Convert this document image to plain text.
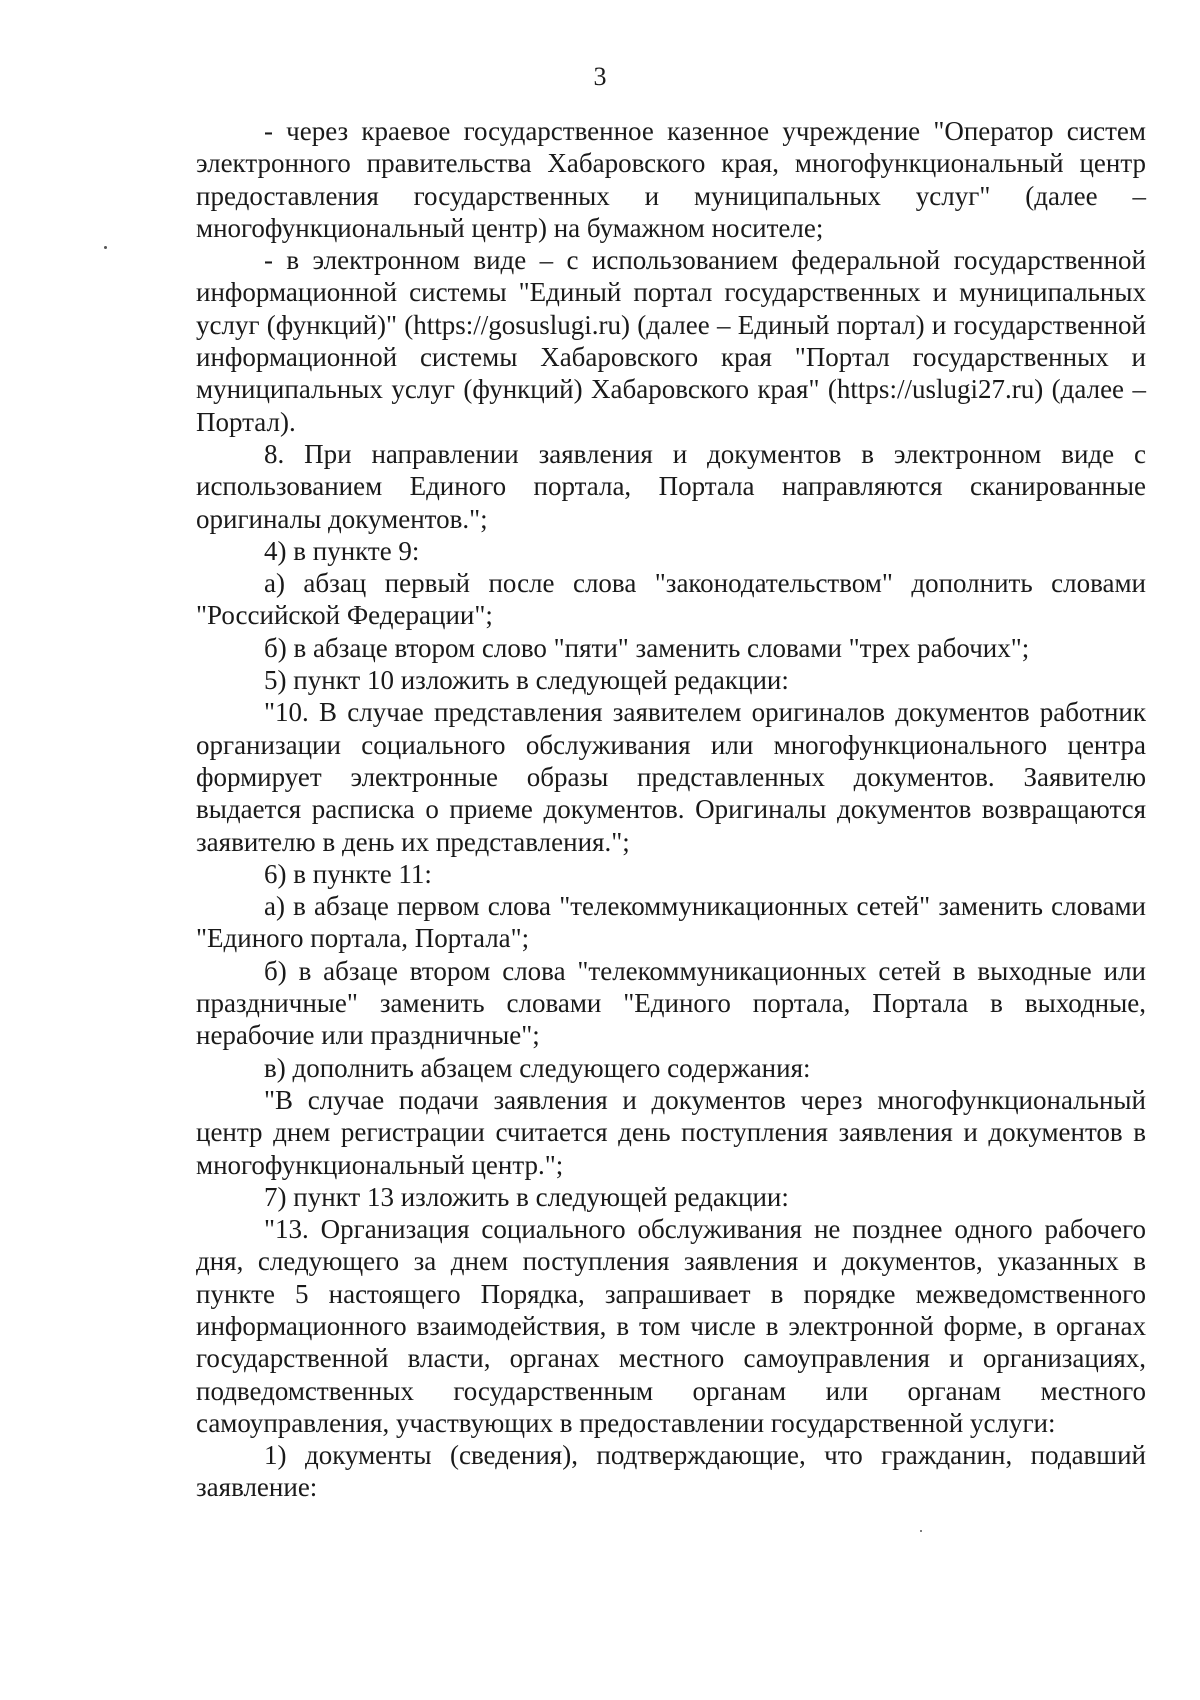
3

- через краевое государственное казенное учреждение "Оператор систем электронного правительства Хабаровского края, многофункциональный центр предоставления государственных и муниципальных услуг" (далее – многофункциональный центр) на бумажном носителе;

- в электронном виде – с использованием федеральной государственной информационной системы "Единый портал государственных и муниципальных услуг (функций)" (https://gosuslugi.ru) (далее – Единый портал) и государственной информационной системы Хабаровского края "Портал государственных и муниципальных услуг (функций) Хабаровского края" (https://uslugi27.ru) (далее – Портал).

8. При направлении заявления и документов в электронном виде с использованием Единого портала, Портала направляются сканированные оригиналы документов.";

4) в пункте 9:

а) абзац первый после слова "законодательством" дополнить словами "Российской Федерации";

б) в абзаце втором слово "пяти" заменить словами "трех рабочих";

5) пункт 10 изложить в следующей редакции:

"10. В случае представления заявителем оригиналов документов работник организации социального обслуживания или многофункционального центра формирует электронные образы представленных документов. Заявителю выдается расписка о приеме документов. Оригиналы документов возвращаются заявителю в день их представления.";

6) в пункте 11:

а) в абзаце первом слова "телекоммуникационных сетей" заменить словами "Единого портала, Портала";

б) в абзаце втором слова "телекоммуникационных сетей в выходные или праздничные" заменить словами "Единого портала, Портала в выходные, нерабочие или праздничные";

в) дополнить абзацем следующего содержания:

"В случае подачи заявления и документов через многофункциональный центр днем регистрации считается день поступления заявления и документов в многофункциональный центр.";

7) пункт 13 изложить в следующей редакции:

"13. Организация социального обслуживания не позднее одного рабочего дня, следующего за днем поступления заявления и документов, указанных в пункте 5 настоящего Порядка, запрашивает в порядке межведомственного информационного взаимодействия, в том числе в электронной форме, в органах государственной власти, органах местного самоуправления и организациях, подведомственных государственным органам или органам местного самоуправления, участвующих в предоставлении государственной услуги:

1) документы (сведения), подтверждающие, что гражданин, подавший заявление:
